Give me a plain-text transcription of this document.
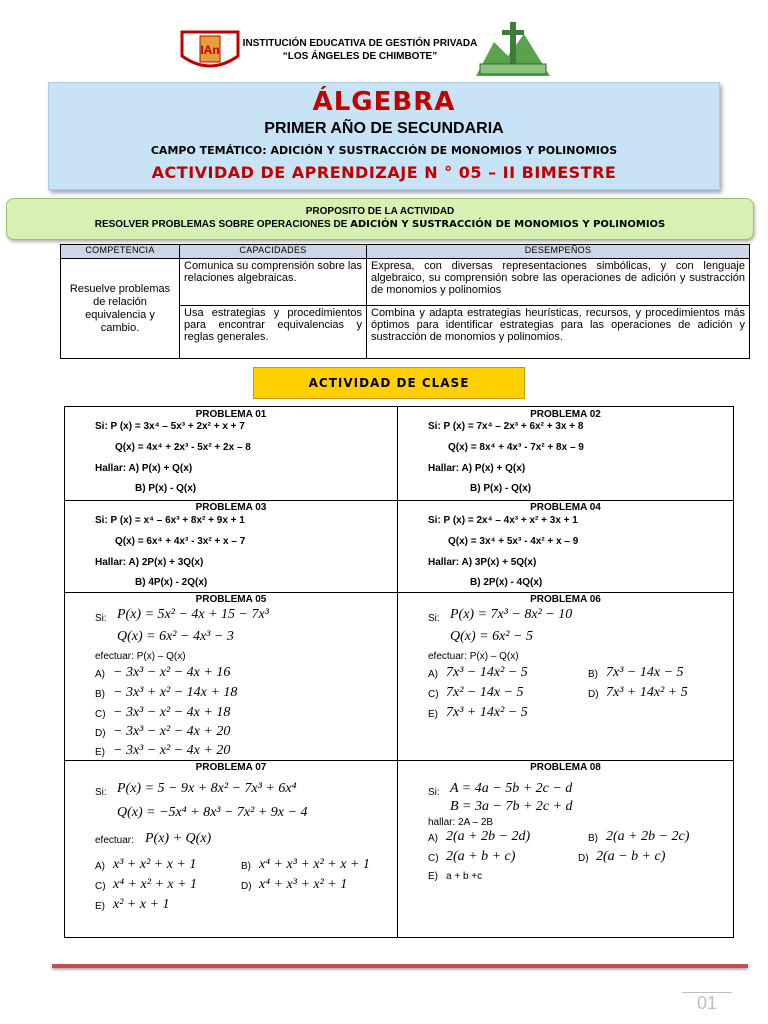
IAn INSTITUCIÓN EDUCATIVA DE GESTIÓN PRIVADA
“LOS ÁNGELES DE CHIMBOTE”
ÁLGEBRA
PRIMER AÑO DE SECUNDARIA
CAMPO TEMÁTICO: ADICIÓN Y SUSTRACCIÓN DE MONOMIOS Y POLINOMIOS
ACTIVIDAD DE APRENDIZAJE N ° 05 – II BIMESTRE
PROPOSITO DE LA ACTIVIDAD
RESOLVER PROBLEMAS SOBRE OPERACIONES DE ADICIÓN Y SUSTRACCIÓN DE MONOMIOS Y POLINOMIOS
COMPETENCIA	CAPACIDADES	DESEMPEÑOS
Resuelve problemas de relación equivalencia y cambio.	Comunica su comprensión sobre las relaciones algebraicas.	Expresa, con diversas representaciones simbólicas, y con lenguaje algebraico, su comprensión sobre las operaciones de adición y sustracción de monomios y polinomios
	Usa estrategias y procedimientos para encontrar equivalencias y reglas generales.	Combina y adapta estrategias heurísticas, recursos, y procedimientos más óptimos para identificar estrategias para las operaciones de adición y sustracción de monomios y polinomios.
ACTIVIDAD DE CLASE
PROBLEMA 01
Si: P (x) = 3x⁴ – 5x³ + 2x² + x + 7
Q(x) = 4x⁴ + 2x³ - 5x² + 2x – 8
Hallar: A) P(x) + Q(x)
B) P(x) - Q(x)
PROBLEMA 02
Si: P (x) = 7x⁴ – 2x³ + 6x² + 3x + 8
Q(x) = 8x⁴ + 4x³ - 7x² + 8x – 9
Hallar: A) P(x) + Q(x)
B) P(x) - Q(x)
PROBLEMA 03
Si: P (x) = x⁴ – 6x³ + 8x² + 9x + 1
Q(x) = 6x⁴ + 4x³ - 3x² + x – 7
Hallar: A) 2P(x) + 3Q(x)
B) 4P(x) - 2Q(x)
PROBLEMA 04
Si: P (x) = 2x⁴ – 4x³ + x² + 3x + 1
Q(x) = 3x⁴ + 5x³ - 4x² + x – 9
Hallar: A) 3P(x) + 5Q(x)
B) 2P(x) - 4Q(x)
PROBLEMA 05
Si: P(x) = 5x² − 4x + 15 − 7x³
Q(x) = 6x² − 4x³ − 3
efectuar: P(x) – Q(x)
A) − 3x³ − x² − 4x + 16
B) − 3x³ + x² − 14x + 18
C) − 3x³ − x² − 4x + 18
D) − 3x³ − x² − 4x + 20
E) − 3x³ − x² − 4x + 20
PROBLEMA 06
Si: P(x) = 7x³ − 8x² − 10
Q(x) = 6x² − 5
efectuar: P(x) – Q(x)
A) 7x³ − 14x² − 5	B) 7x³ − 14x − 5
C) 7x² − 14x − 5	D) 7x³ + 14x² + 5
E) 7x³ + 14x² − 5
PROBLEMA 07
Si: P(x) = 5 − 9x + 8x² − 7x³ + 6x⁴
Q(x) = −5x⁴ + 8x³ − 7x² + 9x − 4
efectuar: P(x) + Q(x)
A) x³ + x² + x + 1	B) x⁴ + x³ + x² + x + 1
C) x⁴ + x² + x + 1	D) x⁴ + x³ + x² + 1
E) x² + x + 1
PROBLEMA 08
Si: A = 4a − 5b + 2c − d
B = 3a − 7b + 2c + d
hallar: 2A – 2B
A) 2(a + 2b − 2d)	B) 2(a + 2b − 2c)
C) 2(a + b + c)	D) 2(a − b + c)
E) a + b +c
01
